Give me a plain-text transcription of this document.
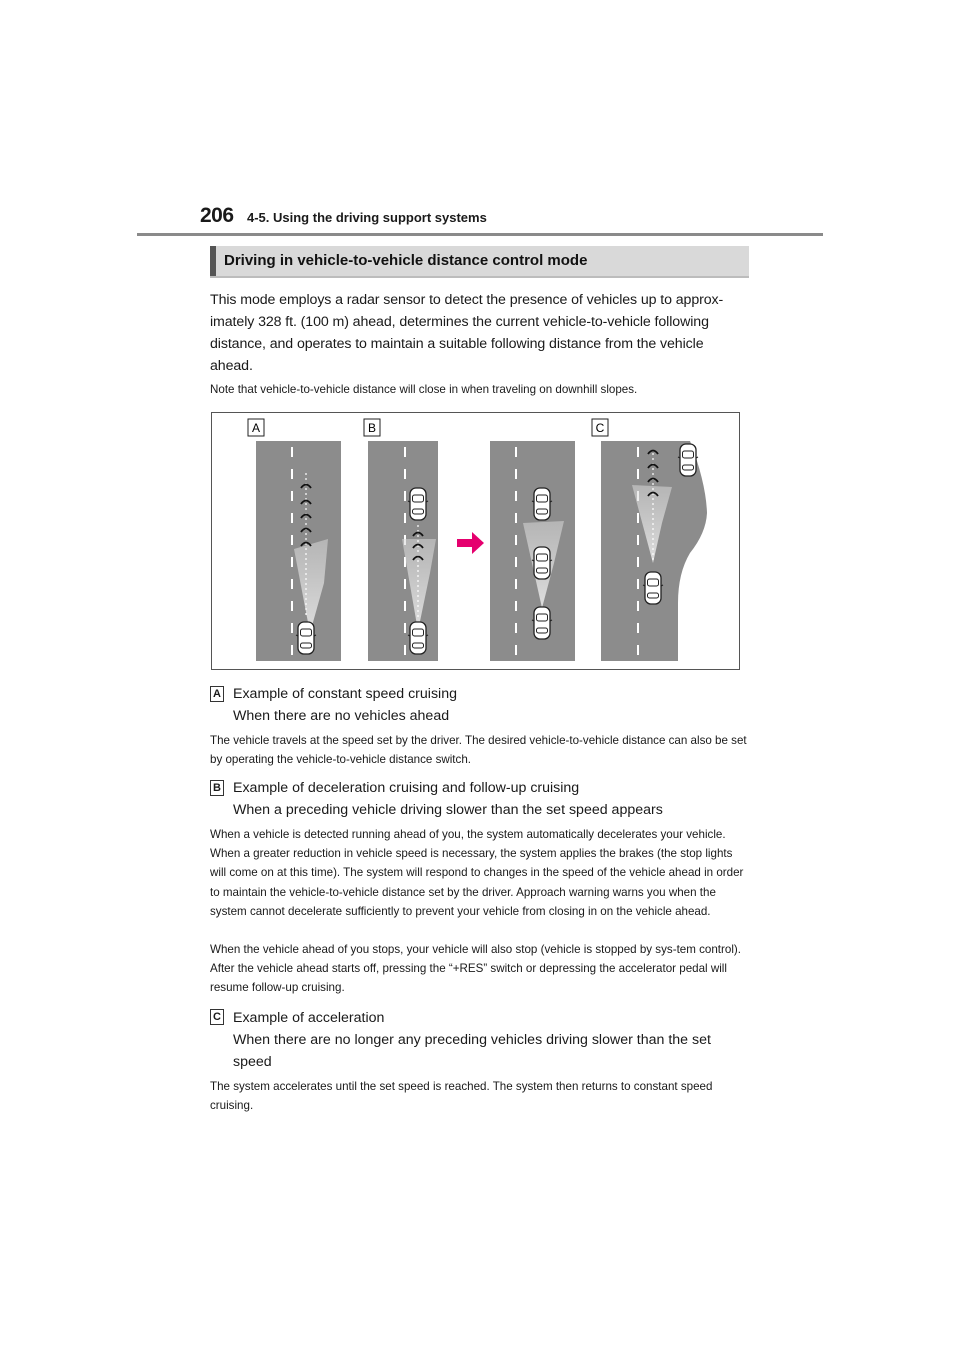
206 4-5. Using the driving support systems
Driving in vehicle-to-vehicle distance control mode

This mode employs a radar sensor to detect the presence of vehicles up to approx-imately 328 ft. (100 m) ahead, determines the current vehicle-to-vehicle following distance, and operates to maintain a suitable following distance from the vehicle ahead.

Note that vehicle-to-vehicle distance will close in when traveling on downhill slopes.

A	B	C
A Example of constant speed cruising
When there are no vehicles ahead

The vehicle travels at the speed set by the driver. The desired vehicle-to-vehicle distance can also be set by operating the vehicle-to-vehicle distance switch.

B Example of deceleration cruising and follow-up cruising
When a preceding vehicle driving slower than the set speed appears

When a vehicle is detected running ahead of you, the system automatically decelerates your vehicle. When a greater reduction in vehicle speed is necessary, the system applies the brakes (the stop lights will come on at this time). The system will respond to changes in the speed of the vehicle ahead in order to maintain the vehicle-to-vehicle distance set by the driver. Approach warning warns you when the system cannot decelerate sufficiently to prevent your vehicle from closing in on the vehicle ahead.

When the vehicle ahead of you stops, your vehicle will also stop (vehicle is stopped by sys-tem control). After the vehicle ahead starts off, pressing the “+RES” switch or depressing the accelerator pedal will resume follow-up cruising.

C Example of acceleration
When there are no longer any preceding vehicles driving slower than the set speed

The system accelerates until the set speed is reached. The system then returns to constant speed cruising.
